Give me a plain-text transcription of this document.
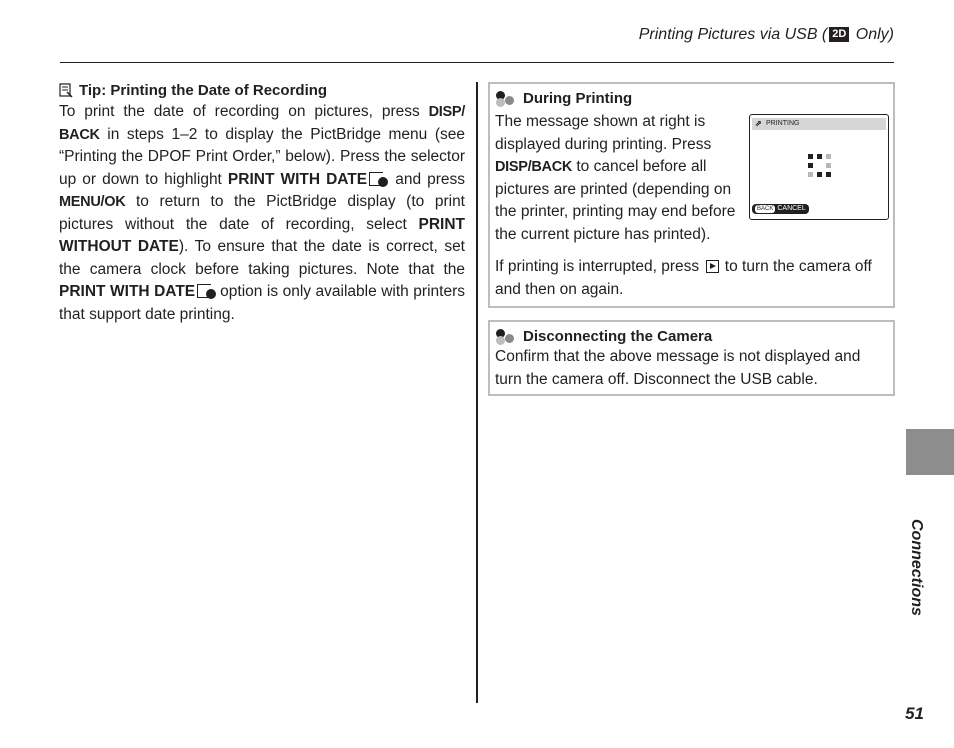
Printing Pictures via USB ( 2D Only)
Tip: Printing the Date of Recording
To print the date of recording on pictures, press DISP/ BACK in steps 1–2 to display the PictBridge menu (see “Printing the DPOF Print Order,” below). Press the selector up or down to highlight PRINT WITH DATE  and press MENU/OK to return to the PictBridge display (to print pictures without the date of recording, select PRINT WITHOUT DATE). To ensure that the date is correct, set the camera clock before taking pictures. Note that the PRINT WITH DATE  option is only available with printers that support date printing.
During Printing
The message shown at right is displayed during printing. Press DISP/BACK to cancel before all pictures are printed (depending on the printer, printing may end before the current picture has printed).
⇗ PRINTING
BACK CANCEL
If printing is interrupted, press  to turn the camera off and then on again.
Disconnecting the Camera
Confirm that the above message is not displayed and turn the camera off. Disconnect the USB cable.
Connections
51
